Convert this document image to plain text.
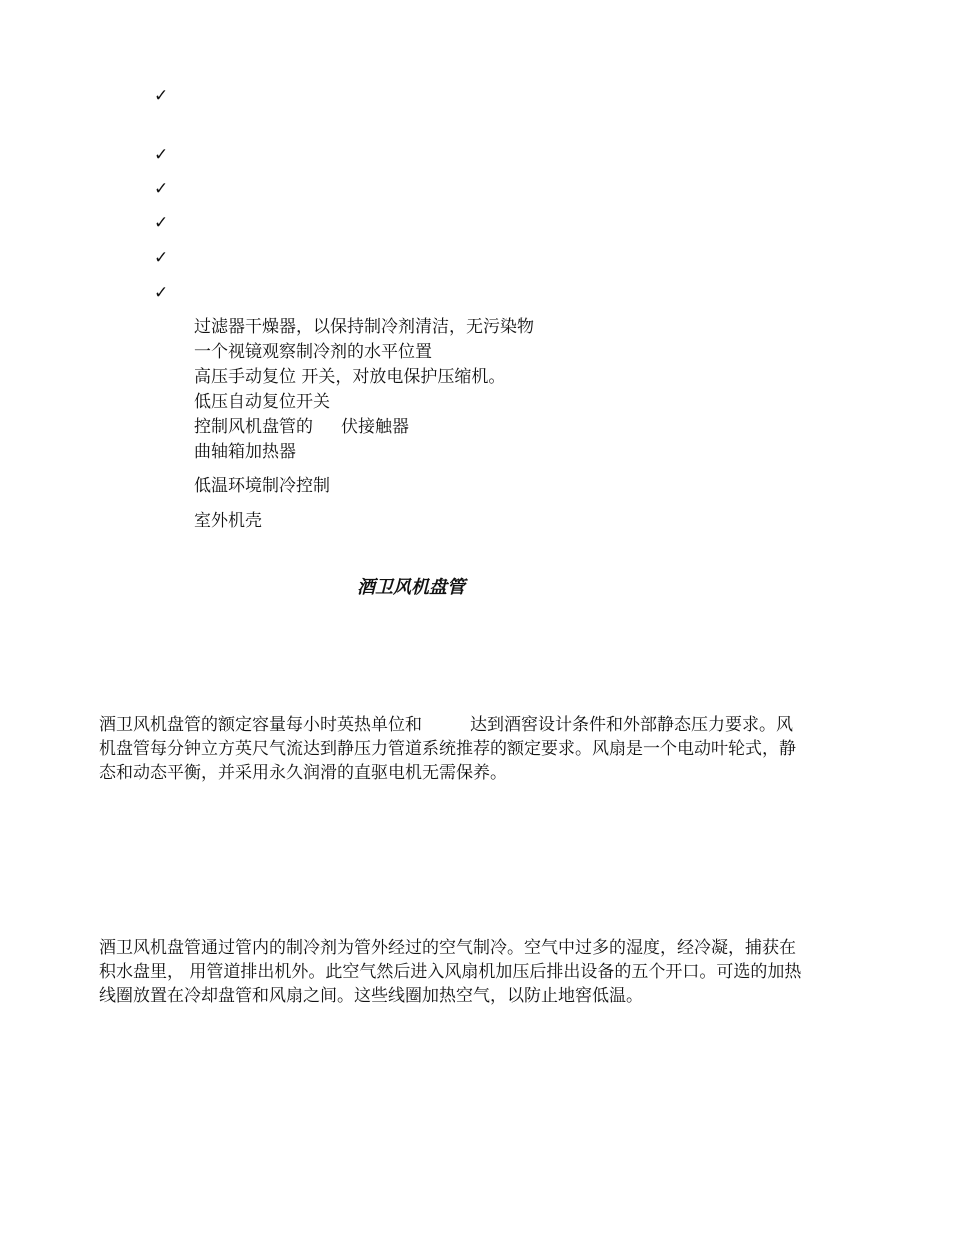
✓
✓
✓
✓
✓
✓
过滤器干燥器，以保持制冷剂清洁，无污染物
一个视镜观察制冷剂的水平位置
高压手动复位 开关，对放电保护压缩机。
低压自动复位开关
控制风机盘管的 伏接触器
曲轴箱加热器
低温环境制冷控制
室外机壳
酒卫风机盘管
酒卫风机盘管的额定容量每小时英热单位和	达到酒窖设计条件和外部静态压力要求。风
机盘管每分钟立方英尺气流达到静压力管道系统推荐的额定要求。风扇是一个电动叶轮式，静
态和动态平衡，并采用永久润滑的直驱电机无需保养。
酒卫风机盘管通过管内的制冷剂为管外经过的空气制冷。空气中过多的湿度，经冷凝，捕获在
积水盘里， 用管道排出机外。此空气然后进入风扇机加压后排出设备的五个开口。可选的加热
线圈放置在冷却盘管和风扇之间。这些线圈加热空气，以防止地窖低温。
